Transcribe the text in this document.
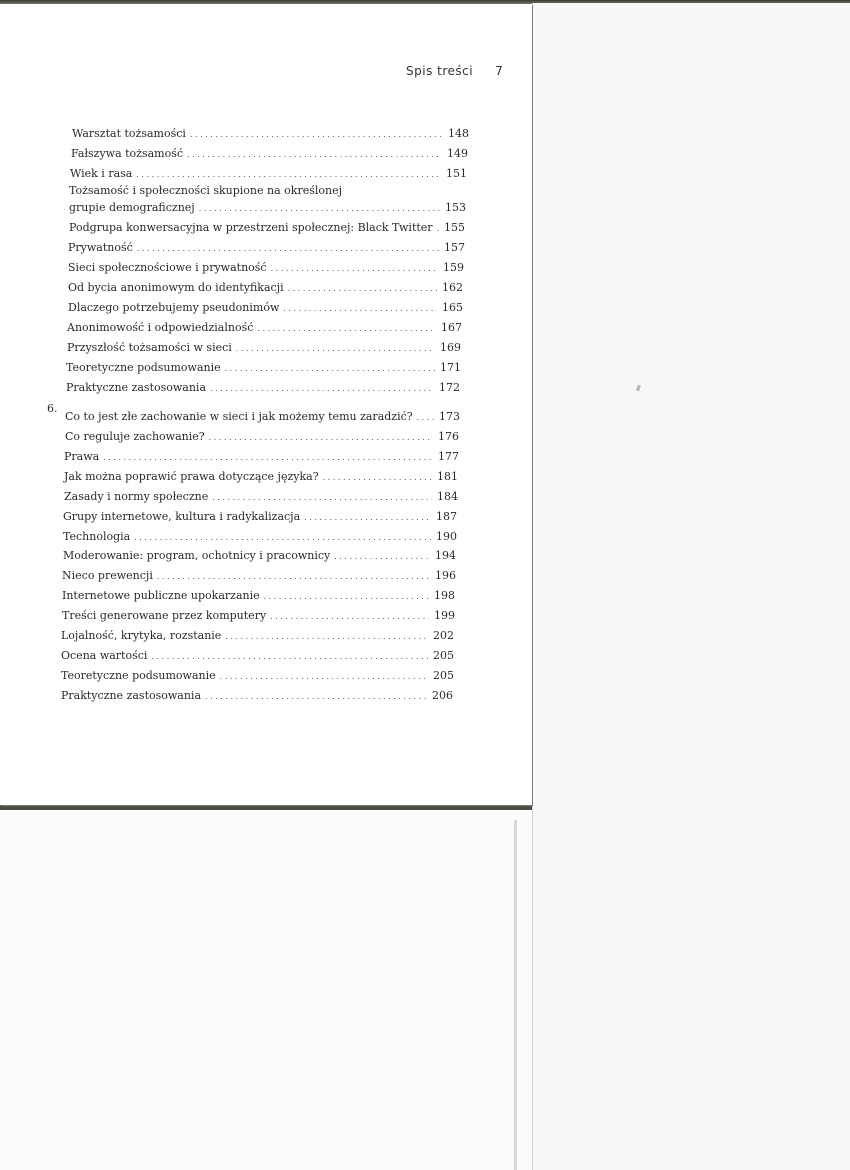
Spis treści 7
6.
Warsztat tożsamości . . .	148
Fałszywa tożsamość . . .	149
Wiek i rasa . . .	151
Tożsamość i społeczności skupione na określonej
grupie demograficznej . . .	153
Podgrupa konwersacyjna w przestrzeni społecznej: Black Twitter . . . 155
Prywatność . . .	157
Sieci społecznościowe i prywatność . . .	159
Od bycia anonimowym do identyfikacji . . .	162
Dlaczego potrzebujemy pseudonimów . . .	165
Anonimowość i odpowiedzialność . . .	167
Przyszłość tożsamości w sieci . . .	169
Teoretyczne podsumowanie . . .	171
Praktyczne zastosowania . . .	172
Co to jest złe zachowanie w sieci i jak możemy temu zaradzić? . . . 173
Co reguluje zachowanie? . . .	176
Prawa . . .	177
Jak można poprawić prawa dotyczące języka? . . .	181
Zasady i normy społeczne . . .	184
Grupy internetowe, kultura i radykalizacja . . .	187
Technologia . . .	190
Moderowanie: program, ochotnicy i pracownicy . . .	194
Nieco prewencji . . .	196
Internetowe publiczne upokarzanie . . .	198
Treści generowane przez komputery . . .	199
Lojalność, krytyka, rozstanie . . .	202
Ocena wartości . . .	205
Teoretyczne podsumowanie . . .	205
Praktyczne zastosowania . . .	206
